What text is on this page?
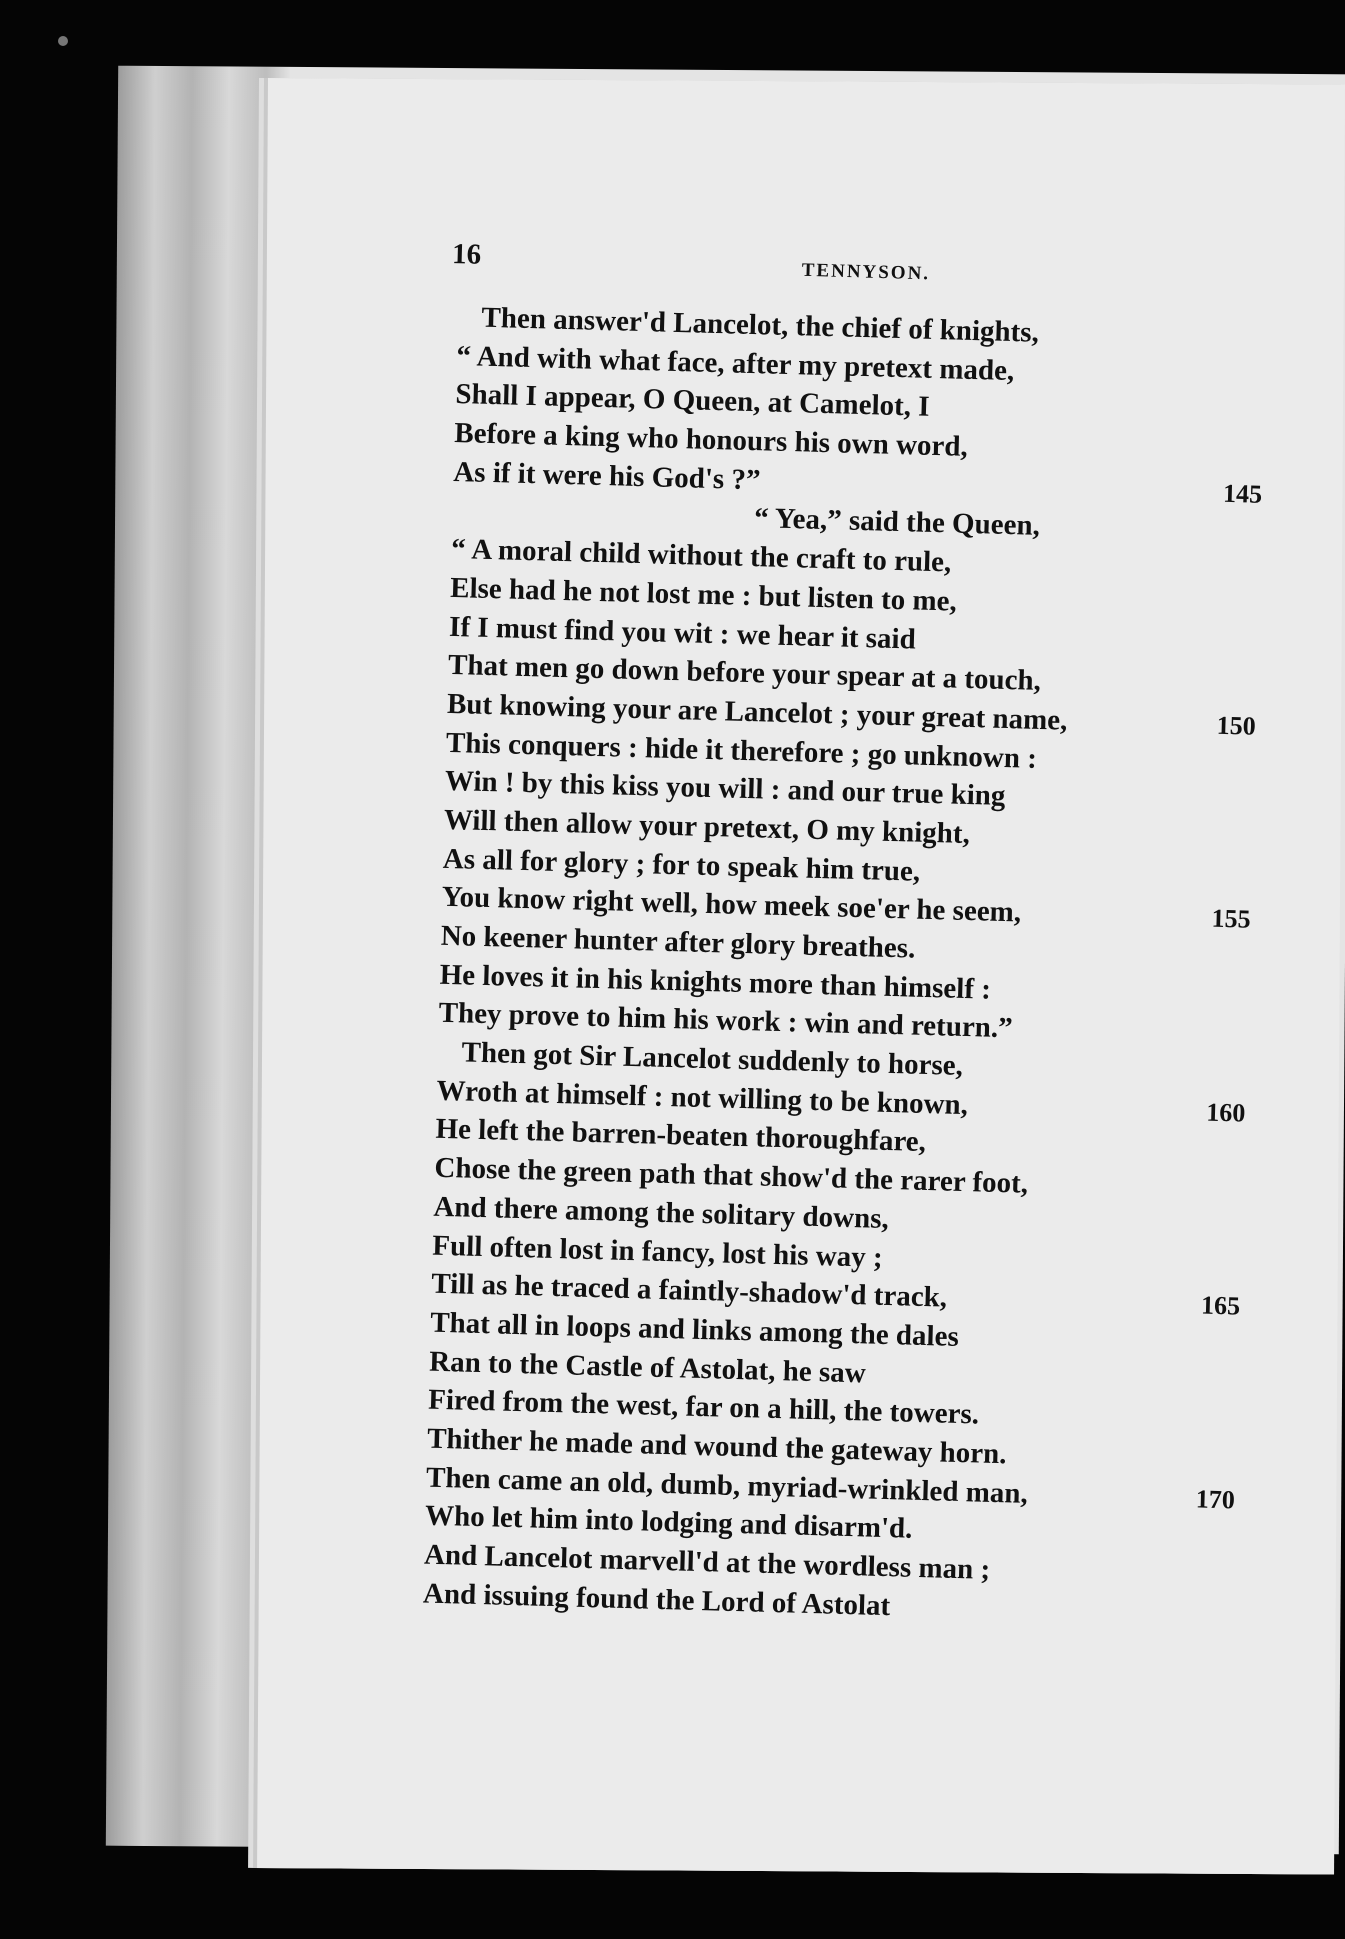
16
TENNYSON.
Then answer'd Lancelot, the chief of knights,
“ And with what face, after my pretext made,
Shall I appear, O Queen, at Camelot, I
Before a king who honours his own word,
As if it were his God's ?”	145
“ Yea,” said the Queen,
“ A moral child without the craft to rule,
Else had he not lost me : but listen to me,
If I must find you wit : we hear it said
That men go down before your spear at a touch,
But knowing your are Lancelot ; your great name,	150
This conquers : hide it therefore ; go unknown :
Win ! by this kiss you will : and our true king
Will then allow your pretext, O my knight,
As all for glory ; for to speak him true,
You know right well, how meek soe'er he seem,	155
No keener hunter after glory breathes.
He loves it in his knights more than himself :
They prove to him his work : win and return.”
Then got Sir Lancelot suddenly to horse,
Wroth at himself : not willing to be known,	160
He left the barren-beaten thoroughfare,
Chose the green path that show'd the rarer foot,
And there among the solitary downs,
Full often lost in fancy, lost his way ;
Till as he traced a faintly-shadow'd track,	165
That all in loops and links among the dales
Ran to the Castle of Astolat, he saw
Fired from the west, far on a hill, the towers.
Thither he made and wound the gateway horn.
Then came an old, dumb, myriad-wrinkled man,	170
Who let him into lodging and disarm'd.
And Lancelot marvell'd at the wordless man ;
And issuing found the Lord of Astolat
